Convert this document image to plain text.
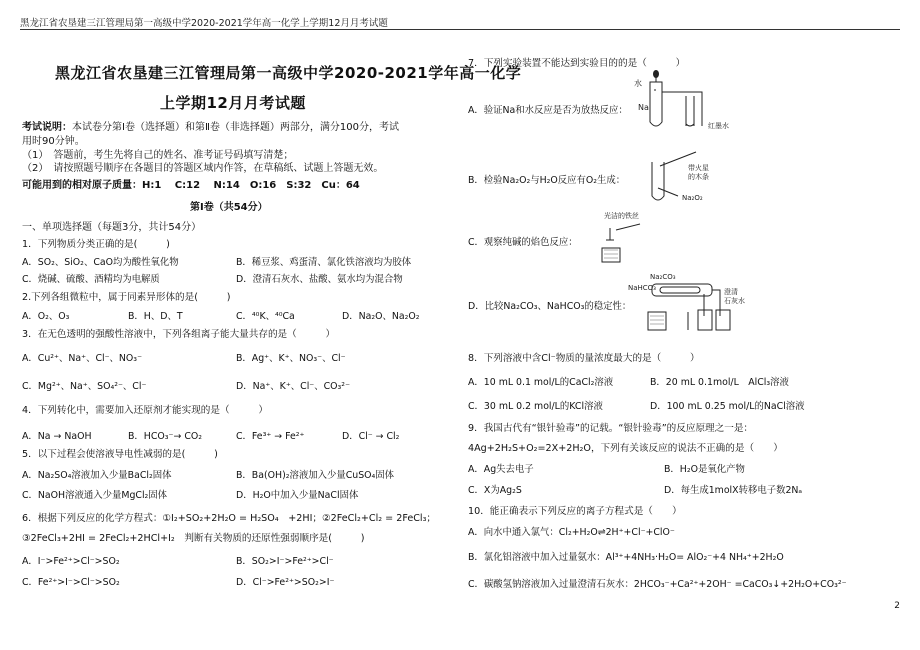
黑龙江省农垦建三江管理局第一高级中学2020-2021学年高一化学上学期12月月考试题
黑龙江省农垦建三江管理局第一高级中学2020-2021学年高一化学
上学期12月月考试题
考试说明：本试卷分第Ⅰ卷（选择题）和第Ⅱ卷（非选择题）两部分，满分100分，考试
用时90分钟。
（1）　答题前，考生先将自己的姓名、准考证号码填写清楚；
（2）　请按照题号顺序在各题目的答题区域内作答，在草稿纸、试题上答题无效。
可能用到的相对原子质量：H:1　 C:12　 N:14　O:16　S:32　Cu：64
第Ⅰ卷（共54分）
一、单项选择题（每题3分，共计54分）
1．下列物质分类正确的是(　　　)
A．SO₂、SiO₂、CaO均为酸性氧化物	B．稀豆浆、鸡蛋清、氯化铁溶液均为胶体
C．烧碱、硫酸、酒精均为电解质	D．澄清石灰水、盐酸、氨水均为混合物
2.下列各组微粒中，属于同素异形体的是(　　　)
A．O₂、O₃	B．H、D、T	C．⁴⁰K、⁴⁰Ca	D．Na₂O、Na₂O₂
3．在无色透明的强酸性溶液中，下列各组离子能大量共存的是（　　　）
A．Cu²⁺、Na⁺、Cl⁻、NO₃⁻	B．Ag⁺、K⁺、NO₃⁻、Cl⁻
C．Mg²⁺、Na⁺、SO₄²⁻、Cl⁻	D．Na⁺、K⁺、Cl⁻、CO₃²⁻
4．下列转化中，需要加入还原剂才能实现的是（　　　）
A．Na → NaOH	B．HCO₃⁻→ CO₂	C．Fe³⁺ → Fe²⁺	D．Cl⁻ → Cl₂
5．以下过程会使溶液导电性减弱的是(　　　)
A．Na₂SO₄溶液加入少量BaCl₂固体	B．Ba(OH)₂溶液加入少量CuSO₄固体
C．NaOH溶液通入少量MgCl₂固体	D．H₂O中加入少量NaCl固体
6．根据下列反应的化学方程式：①I₂+SO₂+2H₂O = H₂SO₄　+2HI；②2FeCl₂+Cl₂ = 2FeCl₃；
③2FeCl₃+2HI = 2FeCl₂+2HCl+I₂　判断有关物质的还原性强弱顺序是(　　　)
A．I⁻>Fe²⁺>Cl⁻>SO₂	B．SO₂>I⁻>Fe²⁺>Cl⁻
C．Fe²⁺>I⁻>Cl⁻>SO₂	D．Cl⁻>Fe²⁺>SO₂>I⁻
7．下列实验装置不能达到实验目的的是（　　　）
A．验证Na和水反应是否为放热反应：
水
Na
红墨水
B．检验Na₂O₂与H₂O反应有O₂生成：
带火星
的木条
Na₂O₂
C．观察纯碱的焰色反应：
光洁的铁丝
D．比较Na₂CO₃、NaHCO₃的稳定性：
Na₂CO₃
NaHCO₃	澄清
石灰水
8．下列溶液中含Cl⁻物质的量浓度最大的是（　　　）
A．10 mL 0.1 mol/L的CaCl₂溶液	B．20 mL 0.1mol/L　AlCl₃溶液
C．30 mL 0.2 mol/L的KCl溶液	D．100 mL 0.25 mol/L的NaCl溶液
9．我国古代有“银针验毒”的记载。“银针验毒”的反应原理之一是：
4Ag+2H₂S+O₂=2X+2H₂O，下列有关该反应的说法不正确的是（　　）
A．Ag失去电子	B．H₂O是氧化产物
C．X为Ag₂S	D．每生成1molX转移电子数2Nₐ
10．能正确表示下列反应的离子方程式是（　　）
A．向水中通入氯气：Cl₂+H₂O⇌2H⁺+Cl⁻+ClO⁻
B．氯化铝溶液中加入过量氨水：Al³⁺+4NH₃·H₂O= AlO₂⁻+4 NH₄⁺+2H₂O
C．碳酸氢钠溶液加入过量澄清石灰水：2HCO₃⁻+Ca²⁺+2OH⁻ =CaCO₃↓+2H₂O+CO₃²⁻
2
